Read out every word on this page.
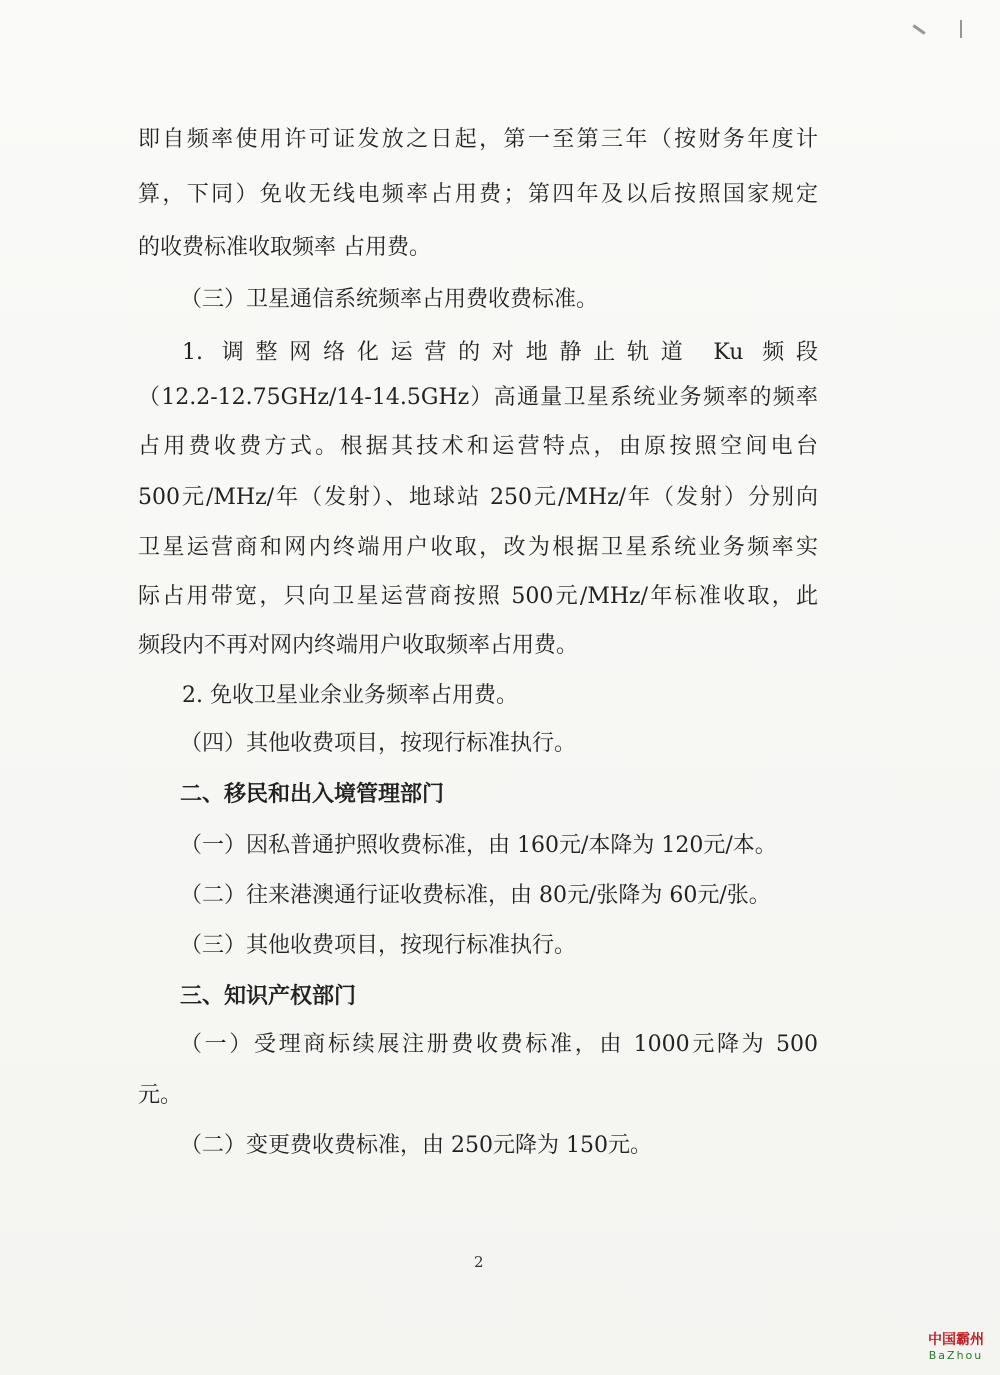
即自频率使用许可证发放之日起，第一至第三年（按财务年度计
算，下同）免收无线电频率占用费；第四年及以后按照国家规定
的收费标准收取频率 占用费。
（三）卫星通信系统频率占用费收费标准。
1. 调整网络化运营的对地静止轨道 Ku 频段
（12.2-12.75GHz/14-14.5GHz）高通量卫星系统业务频率的频率
占用费收费方式。根据其技术和运营特点，由原按照空间电台
500元/MHz/年（发射）、地球站 250元/MHz/年（发射）分别向
卫星运营商和网内终端用户收取，改为根据卫星系统业务频率实
际占用带宽，只向卫星运营商按照 500元/MHz/年标准收取，此
频段内不再对网内终端用户收取频率占用费。
2. 免收卫星业余业务频率占用费。
（四）其他收费项目，按现行标准执行。
二、移民和出入境管理部门
（一）因私普通护照收费标准，由 160元/本降为 120元/本。
（二）往来港澳通行证收费标准，由 80元/张降为 60元/张。
（三）其他收费项目，按现行标准执行。
三、知识产权部门
（一）受理商标续展注册费收费标准，由 1000元降为 500
元。
（二）变更费收费标准，由 250元降为 150元。
2
中国霸州
BaZhou
